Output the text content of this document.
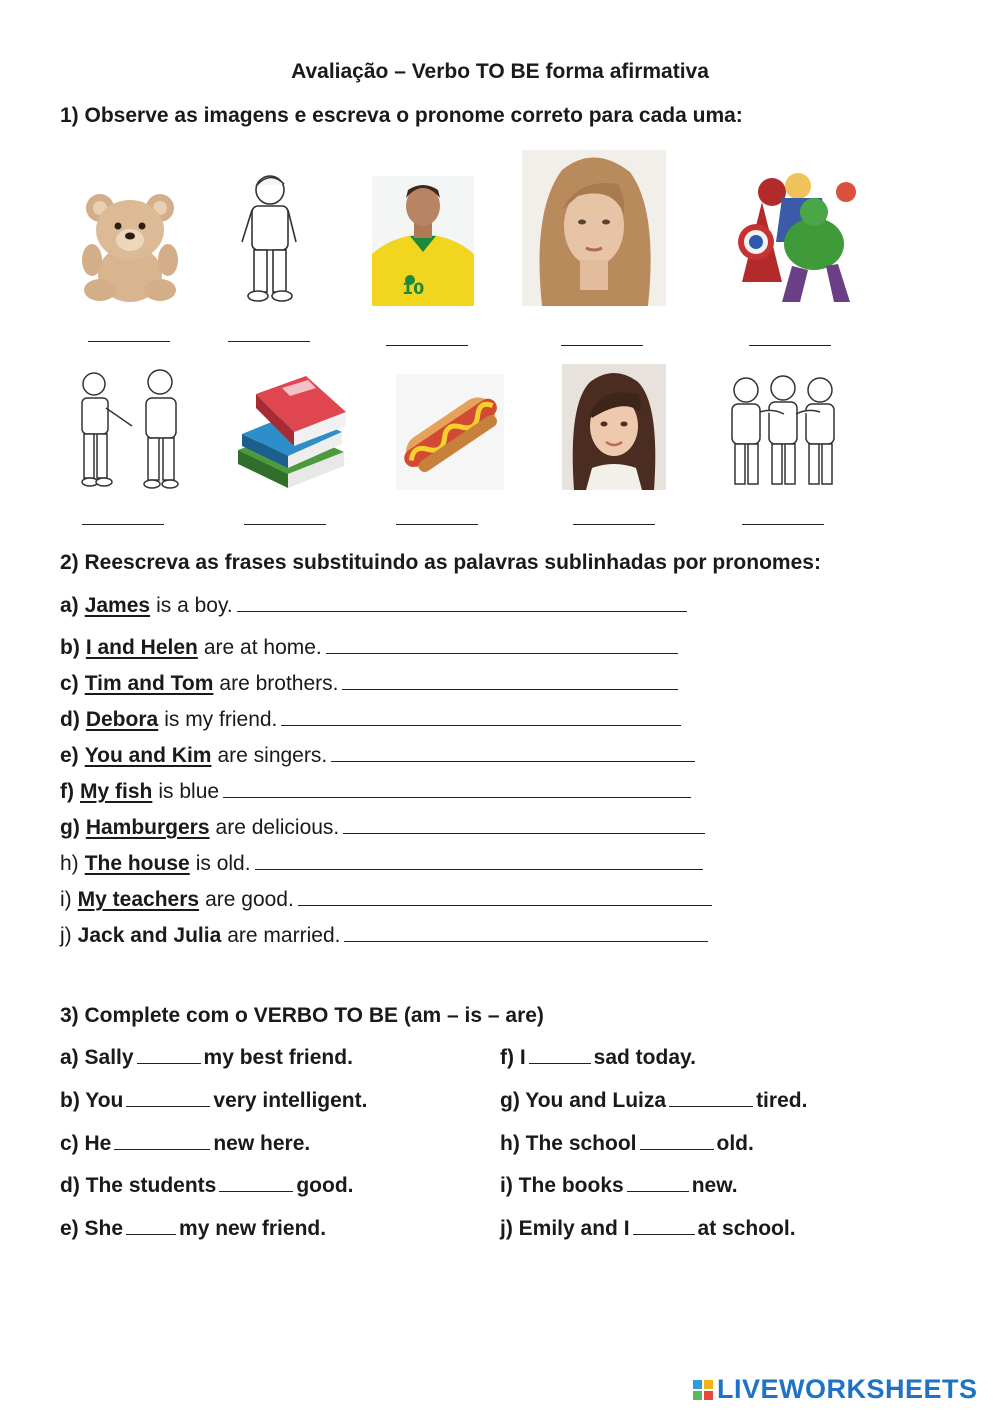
Avaliação – Verbo TO BE forma afirmativa
1) Observe as imagens e escreva o pronome correto para cada uma:
10
2) Reescreva as frases substituindo as palavras sublinhadas por pronomes:
a) James is a boy.
b) I and Helen are at home.
c) Tim and Tom are brothers.
d) Debora is my friend.
e) You and Kim are singers.
f) My fish is blue
g) Hamburgers are delicious.
h) The house is old.
i) My teachers are good.
j) Jack and Julia are married.
3) Complete com o VERBO TO BE (am – is – are)
a) Sally	my best friend.
b) You	very intelligent.
c) He	new here.
d) The students	good.
e) She	my new friend.
f) I	sad today.
g) You and Luiza	tired.
h) The school	old.
i) The books	new.
j) Emily and I	at school.
LIVEWORKSHEETS
